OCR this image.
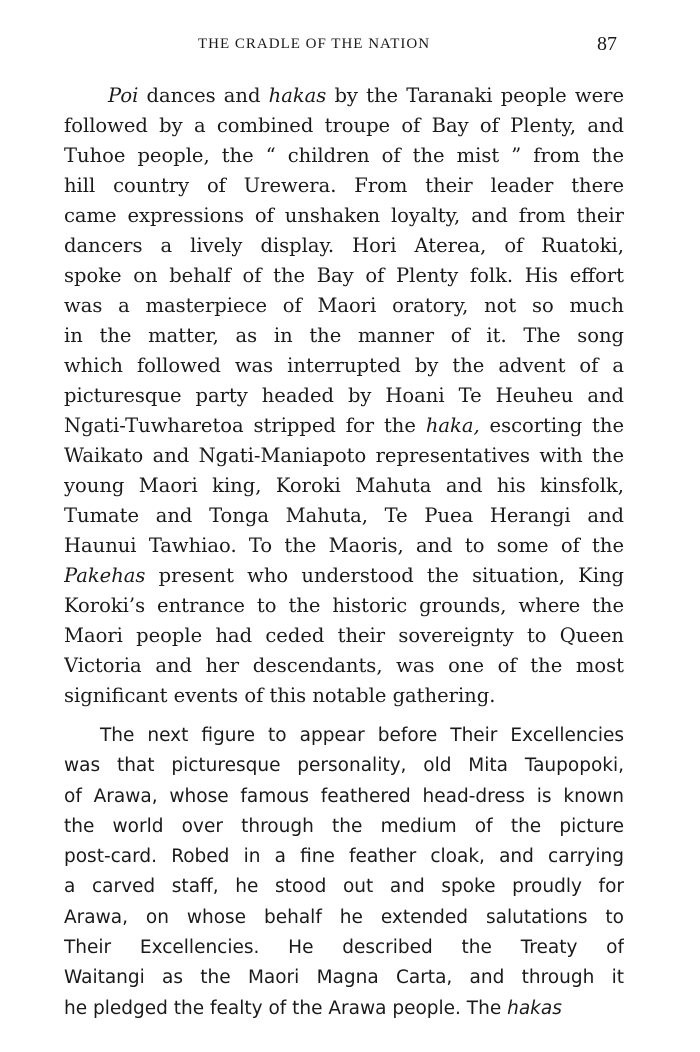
THE CRADLE OF THE NATION	87
Poi dances and hakas by the Taranaki people were
followed by a combined troupe of Bay of Plenty, and
Tuhoe people, the “ children of the mist ” from the
hill country of Urewera. From their leader there
came expressions of unshaken loyalty, and from their
dancers a lively display. Hori Aterea, of Ruatoki,
spoke on behalf of the Bay of Plenty folk. His effort
was a masterpiece of Maori oratory, not so much
in the matter, as in the manner of it. The song
which followed was interrupted by the advent of a
picturesque party headed by Hoani Te Heuheu and
Ngati-Tuwharetoa stripped for the haka, escorting the
Waikato and Ngati-Maniapoto representatives with the
young Maori king, Koroki Mahuta and his kinsfolk,
Tumate and Tonga Mahuta, Te Puea Herangi and
Haunui Tawhiao. To the Maoris, and to some of the
Pakehas present who understood the situation, King
Koroki’s entrance to the historic grounds, where the
Maori people had ceded their sovereignty to Queen
Victoria and her descendants, was one of the most
significant events of this notable gathering.
The next figure to appear before Their Excellencies
was that picturesque personality, old Mita Taupopoki,
of Arawa, whose famous feathered head-dress is known
the world over through the medium of the picture
post-card. Robed in a fine feather cloak, and carrying
a carved staff, he stood out and spoke proudly for
Arawa, on whose behalf he extended salutations to
Their Excellencies. He described the Treaty of
Waitangi as the Maori Magna Carta, and through it
he pledged the fealty of the Arawa people. The hakas
